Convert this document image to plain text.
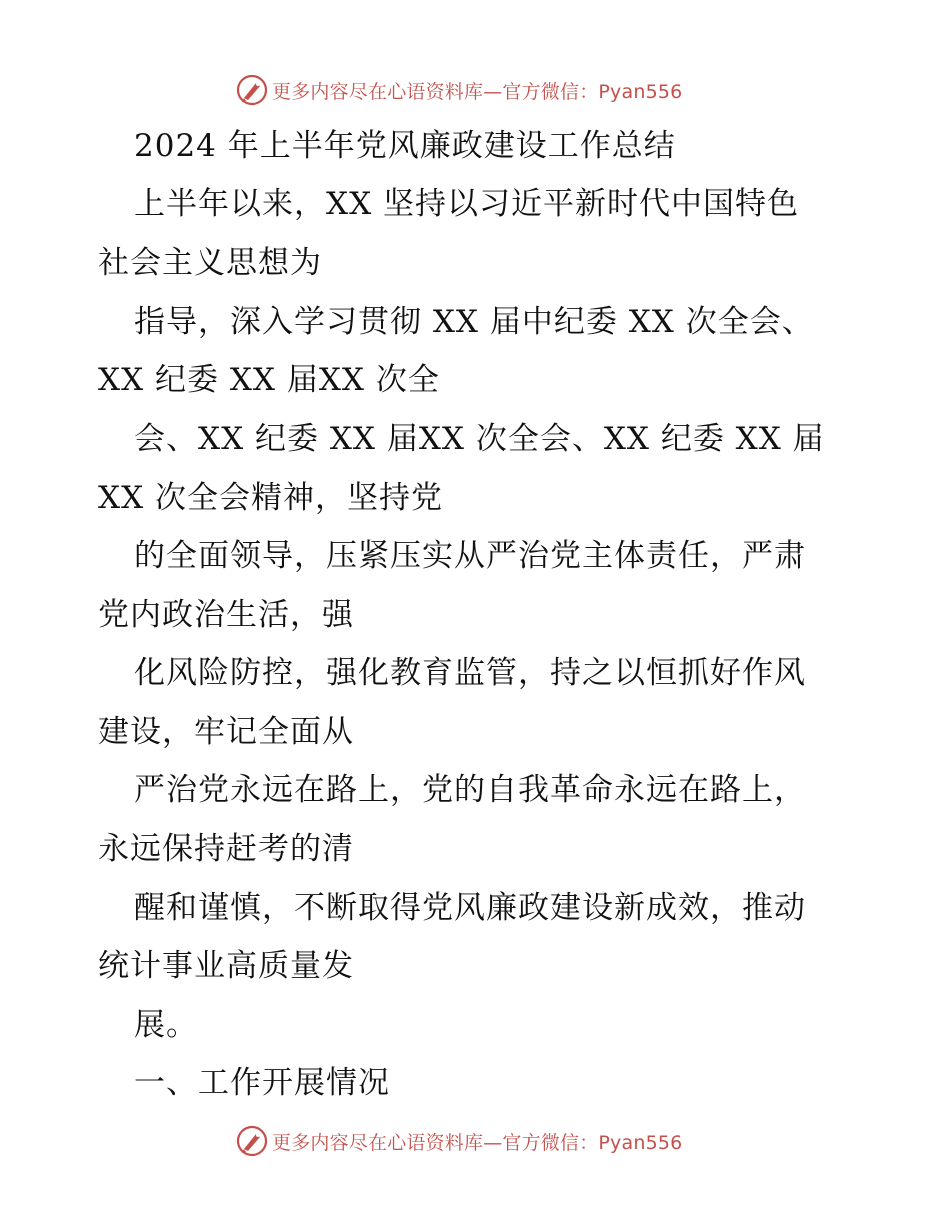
更多内容尽在心语资料库—官方微信：Pyan556
2024 年上半年党风廉政建设工作总结
上半年以来，XX 坚持以习近平新时代中国特色
社会主义思想为
指导，深入学习贯彻 XX 届中纪委 XX 次全会、
XX 纪委 XX 届XX 次全
会、XX 纪委 XX 届XX 次全会、XX 纪委 XX 届
XX 次全会精神，坚持党
的全面领导，压紧压实从严治党主体责任，严肃
党内政治生活，强
化风险防控，强化教育监管，持之以恒抓好作风
建设，牢记全面从
严治党永远在路上，党的自我革命永远在路上，
永远保持赶考的清
醒和谨慎，不断取得党风廉政建设新成效，推动
统计事业高质量发
展。
一、工作开展情况
更多内容尽在心语资料库—官方微信：Pyan556
